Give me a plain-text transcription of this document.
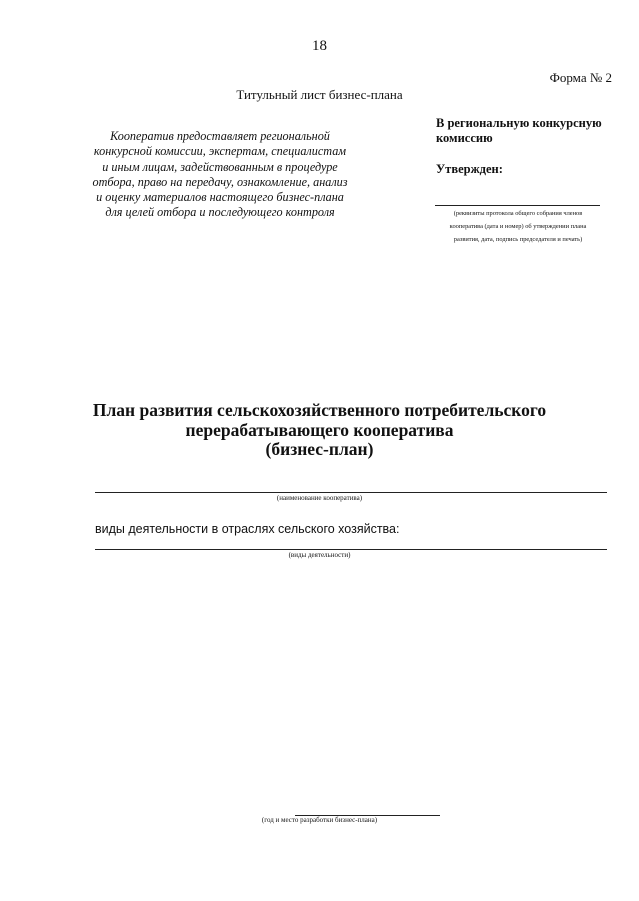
18
Форма № 2
Титульный лист бизнес-плана
Кооператив предоставляет региональной конкурсной комиссии, экспертам, специалистам и иным лицам, задействованным в процедуре отбора, право на передачу, ознакомление, анализ и оценку материалов настоящего бизнес-плана для целей отбора и последующего контроля
В региональную конкурсную комиссию
Утвержден:
(реквизиты протокола общего собрания членов
кооператива (дата и номер) об утверждении плана
развития, дата, подпись председателя и печать)
План развития сельскохозяйственного потребительского
перерабатывающего кооператива
(бизнес-план)
(наименование кооператива)
виды деятельности в отраслях сельского хозяйства:
(виды деятельности)
(год и место разработки бизнес-плана)
